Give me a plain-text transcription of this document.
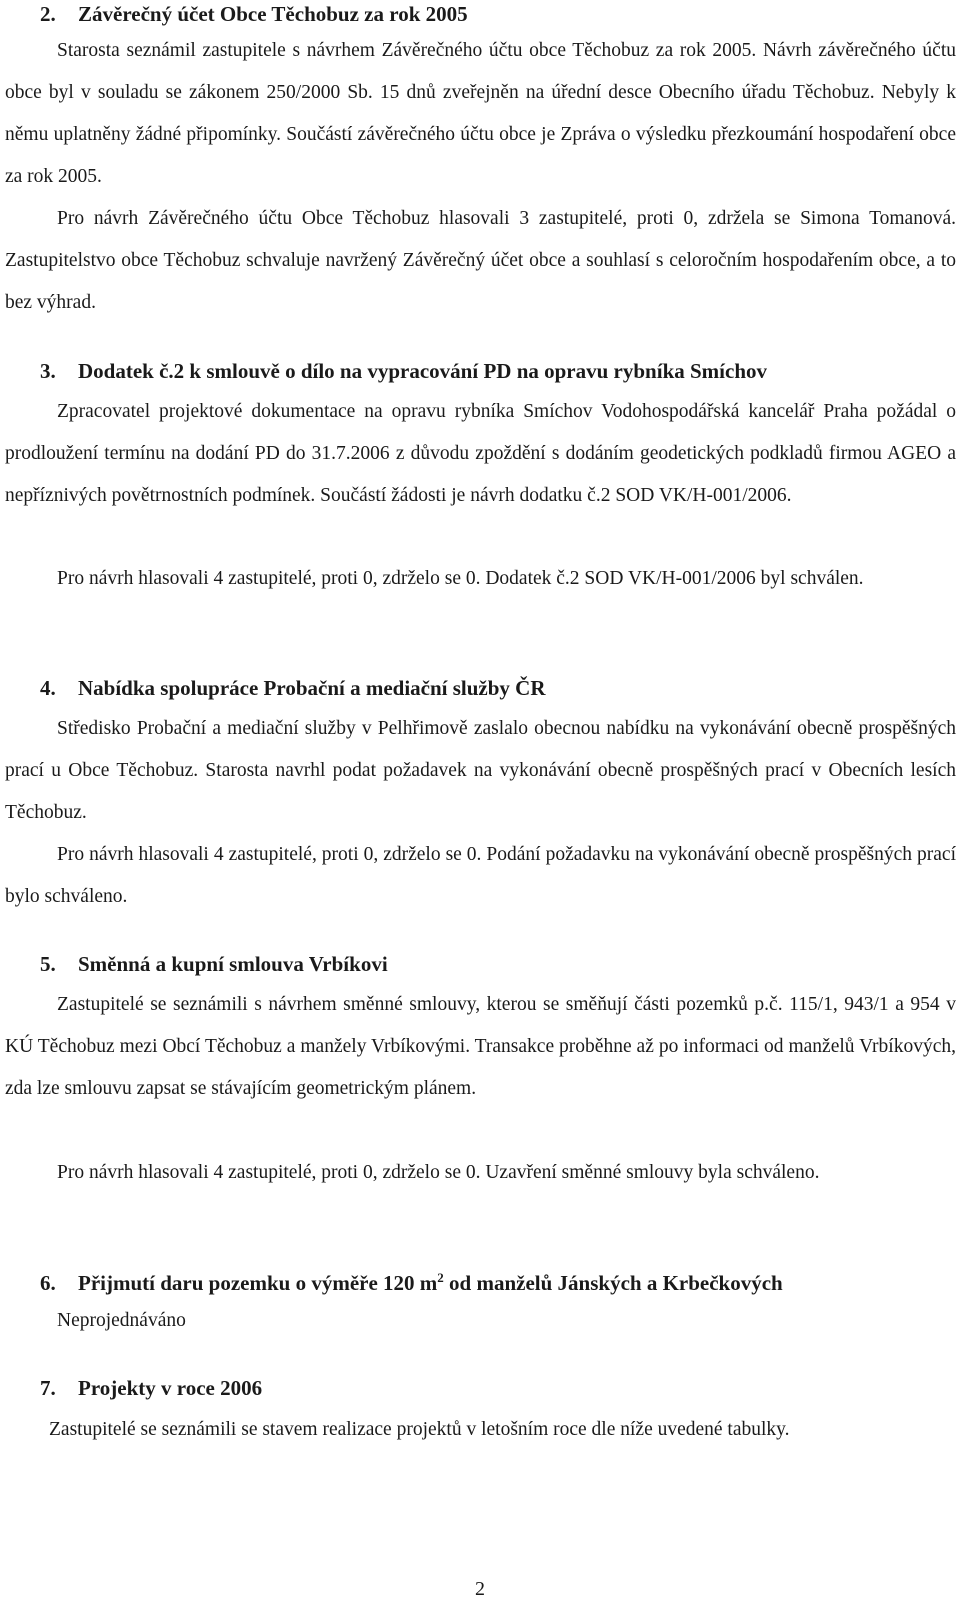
2. Závěrečný účet Obce Těchobuz za rok 2005

Starosta seznámil zastupitele s návrhem Závěrečného účtu obce Těchobuz za rok 2005. Návrh závěrečného účtu obce byl v souladu se zákonem 250/2000 Sb. 15 dnů zveřejněn na úřední desce Obecního úřadu Těchobuz. Nebyly k němu uplatněny žádné připomínky. Součástí závěrečného účtu obce je Zpráva o výsledku přezkoumání hospodaření obce za rok 2005.

Pro návrh Závěrečného účtu Obce Těchobuz hlasovali 3 zastupitelé, proti 0, zdržela se Simona Tomanová. Zastupitelstvo obce Těchobuz schvaluje navržený Závěrečný účet obce a souhlasí s celoročním hospodařením obce, a to bez výhrad.

3. Dodatek č.2 k smlouvě o dílo na vypracování PD na opravu rybníka Smíchov

Zpracovatel projektové dokumentace na opravu rybníka Smíchov Vodohospodářská kancelář Praha požádal o prodloužení termínu na dodání PD do 31.7.2006 z důvodu zpoždění s dodáním geodetických podkladů firmou AGEO a nepříznivých povětrnostních podmínek. Součástí žádosti je návrh dodatku č.2 SOD VK/H-001/2006.

Pro návrh hlasovali 4 zastupitelé, proti 0, zdrželo se 0. Dodatek č.2 SOD VK/H-001/2006 byl schválen.

4. Nabídka spolupráce Probační a mediační služby ČR

Středisko Probační a mediační služby v Pelhřimově zaslalo obecnou nabídku na vykonávání obecně prospěšných prací u Obce Těchobuz. Starosta navrhl podat požadavek na vykonávání obecně prospěšných prací v Obecních lesích Těchobuz.

Pro návrh hlasovali 4 zastupitelé, proti 0, zdrželo se 0. Podání požadavku na vykonávání obecně prospěšných prací bylo schváleno.

5. Směnná a kupní smlouva Vrbíkovi

Zastupitelé se seznámili s návrhem směnné smlouvy, kterou se směňují části pozemků p.č. 115/1, 943/1 a 954 v KÚ Těchobuz mezi Obcí Těchobuz a manžely Vrbíkovými. Transakce proběhne až po informaci od manželů Vrbíkových, zda lze smlouvu zapsat se stávajícím geometrickým plánem.

Pro návrh hlasovali 4 zastupitelé, proti 0, zdrželo se 0. Uzavření směnné smlouvy byla schváleno.

6. Přijmutí daru pozemku o výměře 120 $m^2$ od manželů Jánských a Krbečkových
Neprojednáváno
7. Projekty v roce 2006

Zastupitelé se seznámili se stavem realizace projektů v letošním roce dle níže uvedené tabulky.

2
